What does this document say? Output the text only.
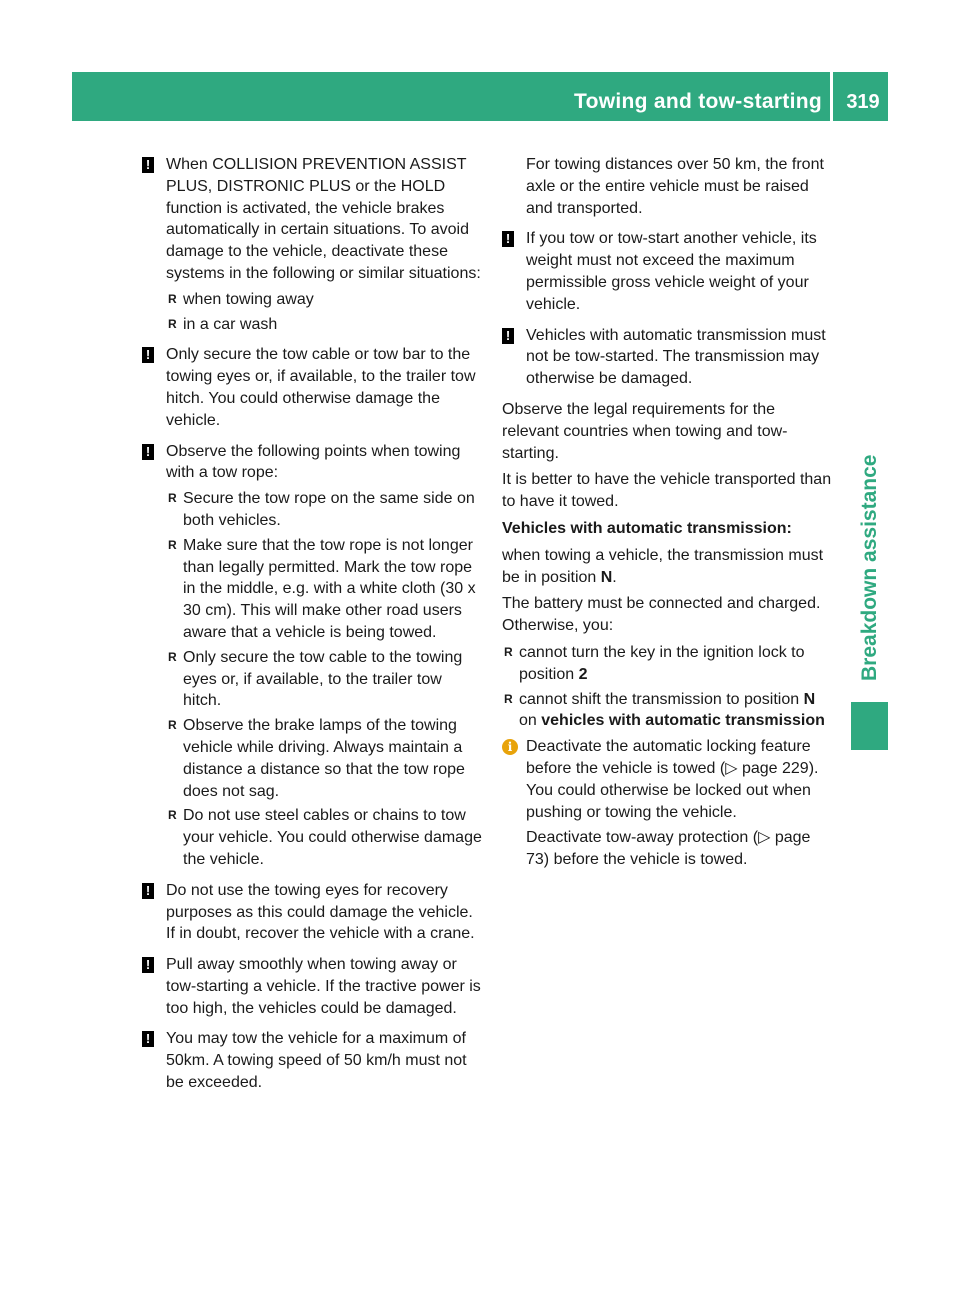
Towing and tow-starting	319
Breakdown assistance
! When COLLISION PREVENTION ASSIST PLUS, DISTRONIC PLUS or the HOLD function is activated, the vehicle brakes automatically in certain situations. To avoid damage to the vehicle, deactivate these systems in the following or similar situations:
R when towing away
R in a car wash
! Only secure the tow cable or tow bar to the towing eyes or, if available, to the trailer tow hitch. You could otherwise damage the vehicle.
! Observe the following points when towing with a tow rope:
R Secure the tow rope on the same side on both vehicles.
R Make sure that the tow rope is not longer than legally permitted. Mark the tow rope in the middle, e.g. with a white cloth (30 x 30 cm). This will make other road users aware that a vehicle is being towed.
R Only secure the tow cable to the towing eyes or, if available, to the trailer tow hitch.
R Observe the brake lamps of the towing vehicle while driving. Always maintain a distance a distance so that the tow rope does not sag.
R Do not use steel cables or chains to tow your vehicle. You could otherwise damage the vehicle.
! Do not use the towing eyes for recovery purposes as this could damage the vehicle. If in doubt, recover the vehicle with a crane.
! Pull away smoothly when towing away or tow-starting a vehicle. If the tractive power is too high, the vehicles could be damaged.
! You may tow the vehicle for a maximum of 50km. A towing speed of 50 km/h must not be exceeded.
For towing distances over 50 km, the front axle or the entire vehicle must be raised and transported.
! If you tow or tow-start another vehicle, its weight must not exceed the maximum permissible gross vehicle weight of your vehicle.
! Vehicles with automatic transmission must not be tow-started. The transmission may otherwise be damaged.

Observe the legal requirements for the relevant countries when towing and tow-starting.

It is better to have the vehicle transported than to have it towed.

Vehicles with automatic transmission:

when towing a vehicle, the transmission must be in position N.

The battery must be connected and charged. Otherwise, you:

R cannot turn the key in the ignition lock to position 2
R cannot shift the transmission to position N on vehicles with automatic transmission
i Deactivate the automatic locking feature before the vehicle is towed (▷ page 229). You could otherwise be locked out when pushing or towing the vehicle.
Deactivate tow-away protection (▷ page 73) before the vehicle is towed.
